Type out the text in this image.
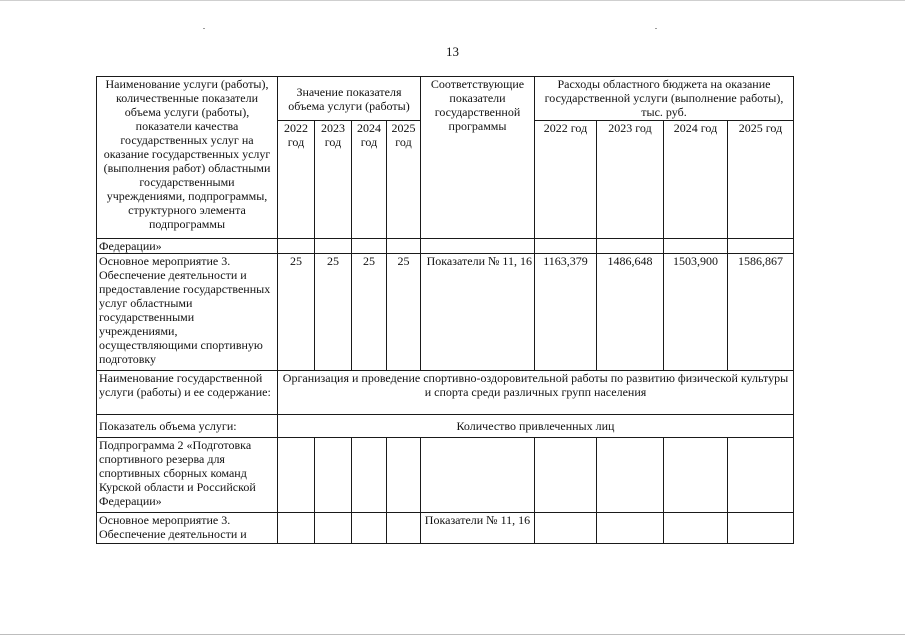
13
Наименование услуги (работы), количественные показатели объема услуги (работы), показатели качества государственных услуг на оказание государственных услуг (выполнения работ) областными государственными учреждениями, подпрограммы, структурного элемента подпрограммы	Значение показателя объема услуги (работы)				Соответствующие показатели государственной программы	Расходы областного бюджета на оказание государственной услуги (выполнение работы), тыс. руб.			
	2022 год	2023 год	2024 год	2025 год		2022 год	2023 год	2024 год	2025 год
Федерации»									
Основное мероприятие 3. Обеспечение деятельности и предоставление государственных услуг областными государственными учреждениями, осуществляющими спортивную подготовку	25	25	25	25	Показатели № 11, 16	1163,379	1486,648	1503,900	1586,867
Наименование государственной услуги (работы) и ее содержание:	Организация и проведение спортивно-оздоровительной работы по развитию физической культуры и спорта среди различных групп населения								
Показатель объема услуги:	Количество привлеченных лиц								
Подпрограмма 2 «Подготовка спортивного резерва для спортивных сборных команд Курской области и Российской Федерации»									
Основное мероприятие 3. Обеспечение деятельности и					Показатели № 11, 16				
